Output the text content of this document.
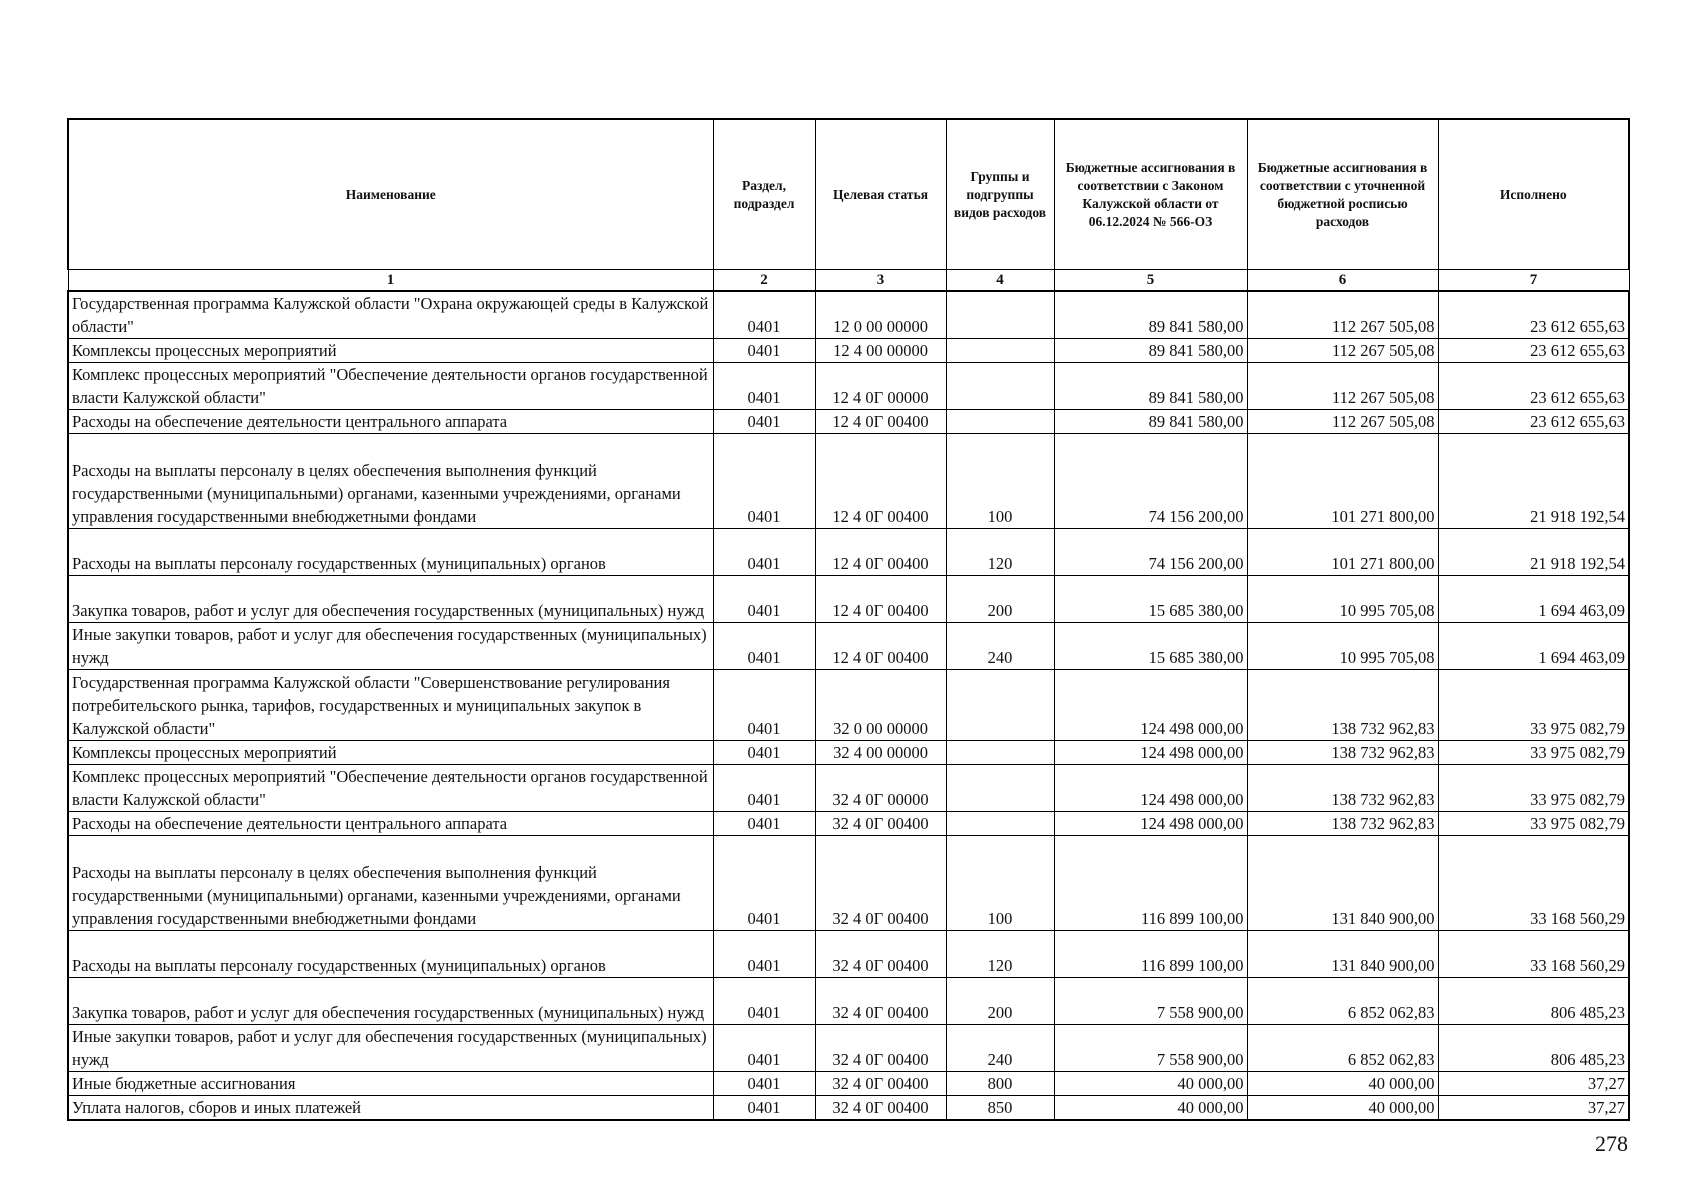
Наименование	Раздел, подраздел	Целевая статья	Группы и подгруппы видов расходов	Бюджетные ассигнования в соответствии с Законом Калужской области от 06.12.2024 № 566-ОЗ	Бюджетные ассигнования в соответствии с уточненной бюджетной росписью расходов	Исполнено
1	2	3	4	5	6	7
Государственная программа Калужской области "Охрана окружающей среды в Калужской области"	0401	12 0 00 00000		89 841 580,00	112 267 505,08	23 612 655,63
Комплексы процессных мероприятий	0401	12 4 00 00000		89 841 580,00	112 267 505,08	23 612 655,63
Комплекс процессных мероприятий "Обеспечение деятельности органов государственной власти Калужской области"	0401	12 4 0Г 00000		89 841 580,00	112 267 505,08	23 612 655,63
Расходы на обеспечение деятельности центрального аппарата	0401	12 4 0Г 00400		89 841 580,00	112 267 505,08	23 612 655,63
Расходы на выплаты персоналу в целях обеспечения выполнения функций государственными (муниципальными) органами, казенными учреждениями, органами управления государственными внебюджетными фондами	0401	12 4 0Г 00400	100	74 156 200,00	101 271 800,00	21 918 192,54
Расходы на выплаты персоналу государственных (муниципальных) органов	0401	12 4 0Г 00400	120	74 156 200,00	101 271 800,00	21 918 192,54
Закупка товаров, работ и услуг для обеспечения государственных (муниципальных) нужд	0401	12 4 0Г 00400	200	15 685 380,00	10 995 705,08	1 694 463,09
Иные закупки товаров, работ и услуг для обеспечения государственных (муниципальных) нужд	0401	12 4 0Г 00400	240	15 685 380,00	10 995 705,08	1 694 463,09
Государственная программа Калужской области "Совершенствование регулирования потребительского рынка, тарифов, государственных и муниципальных закупок в Калужской области"	0401	32 0 00 00000		124 498 000,00	138 732 962,83	33 975 082,79
Комплексы процессных мероприятий	0401	32 4 00 00000		124 498 000,00	138 732 962,83	33 975 082,79
Комплекс процессных мероприятий "Обеспечение деятельности органов государственной власти Калужской области"	0401	32 4 0Г 00000		124 498 000,00	138 732 962,83	33 975 082,79
Расходы на обеспечение деятельности центрального аппарата	0401	32 4 0Г 00400		124 498 000,00	138 732 962,83	33 975 082,79
Расходы на выплаты персоналу в целях обеспечения выполнения функций государственными (муниципальными) органами, казенными учреждениями, органами управления государственными внебюджетными фондами	0401	32 4 0Г 00400	100	116 899 100,00	131 840 900,00	33 168 560,29
Расходы на выплаты персоналу государственных (муниципальных) органов	0401	32 4 0Г 00400	120	116 899 100,00	131 840 900,00	33 168 560,29
Закупка товаров, работ и услуг для обеспечения государственных (муниципальных) нужд	0401	32 4 0Г 00400	200	7 558 900,00	6 852 062,83	806 485,23
Иные закупки товаров, работ и услуг для обеспечения государственных (муниципальных) нужд	0401	32 4 0Г 00400	240	7 558 900,00	6 852 062,83	806 485,23
Иные бюджетные ассигнования	0401	32 4 0Г 00400	800	40 000,00	40 000,00	37,27
Уплата налогов, сборов и иных платежей	0401	32 4 0Г 00400	850	40 000,00	40 000,00	37,27
278
